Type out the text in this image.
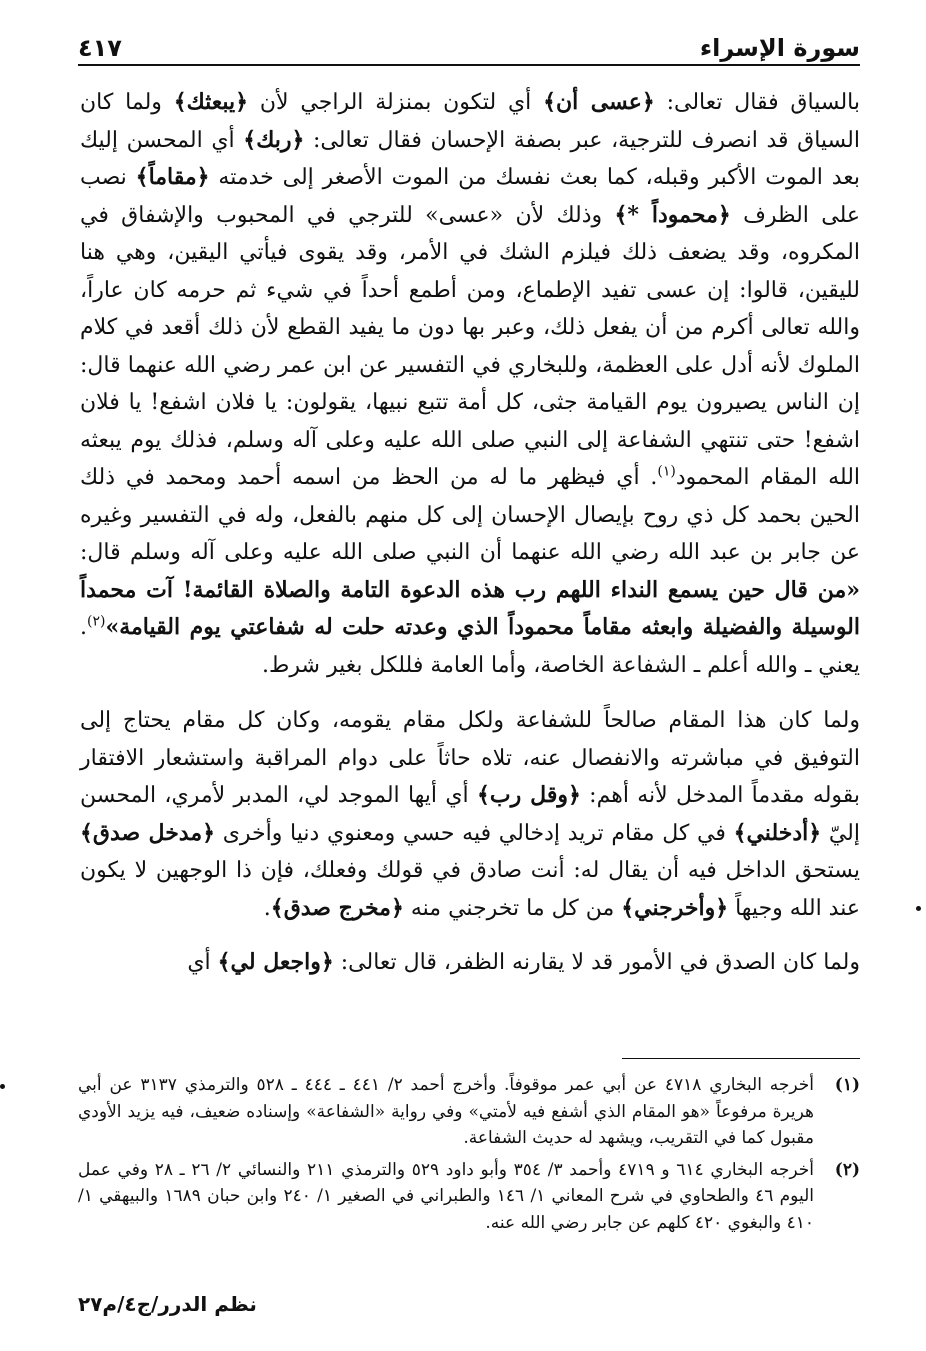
٤١٧	سورة الإسراء

بالسياق فقال تعالى: ﴿عسى أن﴾ أي لتكون بمنزلة الراجي لأن ﴿يبعثك﴾ ولما كان السياق قد انصرف للترجية، عبر بصفة الإحسان فقال تعالى: ﴿ربك﴾ أي المحسن إليك بعد الموت الأكبر وقبله، كما بعث نفسك من الموت الأصغر إلى خدمته ﴿مقاماً﴾ نصب على الظرف ﴿محموداً *﴾ وذلك لأن «عسى» للترجي في المحبوب والإشفاق في المكروه، وقد يضعف ذلك فيلزم الشك في الأمر، وقد يقوى فيأتي اليقين، وهي هنا لليقين، قالوا: إن عسى تفيد الإطماع، ومن أطمع أحداً في شيء ثم حرمه كان عاراً، والله تعالى أكرم من أن يفعل ذلك، وعبر بها دون ما يفيد القطع لأن ذلك أقعد في كلام الملوك لأنه أدل على العظمة، وللبخاري في التفسير عن ابن عمر رضي الله عنهما قال: إن الناس يصيرون يوم القيامة جثى، كل أمة تتبع نبيها، يقولون: يا فلان اشفع! يا فلان اشفع! حتى تنتهي الشفاعة إلى النبي صلى الله عليه وعلى آله وسلم، فذلك يوم يبعثه الله المقام المحمود$^{(١)}$. أي فيظهر ما له من الحظ من اسمه أحمد ومحمد في ذلك الحين بحمد كل ذي روح بإيصال الإحسان إلى كل منهم بالفعل، وله في التفسير وغيره عن جابر بن عبد الله رضي الله عنهما أن النبي صلى الله عليه وعلى آله وسلم قال: «من قال حين يسمع النداء اللهم رب هذه الدعوة التامة والصلاة القائمة! آت محمداً الوسيلة والفضيلة وابعثه مقاماً محموداً الذي وعدته حلت له شفاعتي يوم القيامة»$^{(٢)}$. يعني ـ والله أعلم ـ الشفاعة الخاصة، وأما العامة فللكل بغير شرط.

ولما كان هذا المقام صالحاً للشفاعة ولكل مقام يقومه، وكان كل مقام يحتاج إلى التوفيق في مباشرته والانفصال عنه، تلاه حاثاً على دوام المراقبة واستشعار الافتقار بقوله مقدماً المدخل لأنه أهم: ﴿وقل رب﴾ أي أيها الموجد لي، المدبر لأمري، المحسن إليّ ﴿أدخلني﴾ في كل مقام تريد إدخالي فيه حسي ومعنوي دنيا وأخرى ﴿مدخل صدق﴾ يستحق الداخل فيه أن يقال له: أنت صادق في قولك وفعلك، فإن ذا الوجهين لا يكون عند الله وجيهاً ﴿وأخرجني﴾ من كل ما تخرجني منه ﴿مخرج صدق﴾.

ولما كان الصدق في الأمور قد لا يقارنه الظفر، قال تعالى: ﴿واجعل لي﴾ أي

(١)
أخرجه البخاري ٤٧١٨ عن أبي عمر موقوفاً. وأخرج أحمد ٢/ ٤٤١ ـ ٤٤٤ ـ ٥٢٨ والترمذي ٣١٣٧ عن أبي هريرة مرفوعاً «هو المقام الذي أشفع فيه لأمتي» وفي رواية «الشفاعة» وإسناده ضعيف، فيه يزيد الأودي مقبول كما في التقريب، ويشهد له حديث الشفاعة.
(٢)
أخرجه البخاري ٦١٤ و ٤٧١٩ وأحمد ٣/ ٣٥٤ وأبو داود ٥٢٩ والترمذي ٢١١ والنسائي ٢/ ٢٦ ـ ٢٨ وفي عمل اليوم ٤٦ والطحاوي في شرح المعاني ١/ ١٤٦ والطبراني في الصغير ١/ ٢٤٠ وابن حبان ١٦٨٩ والبيهقي ١/ ٤١٠ والبغوي ٤٢٠ كلهم عن جابر رضي الله عنه.
نظم الدرر/ج٤/م٢٧
